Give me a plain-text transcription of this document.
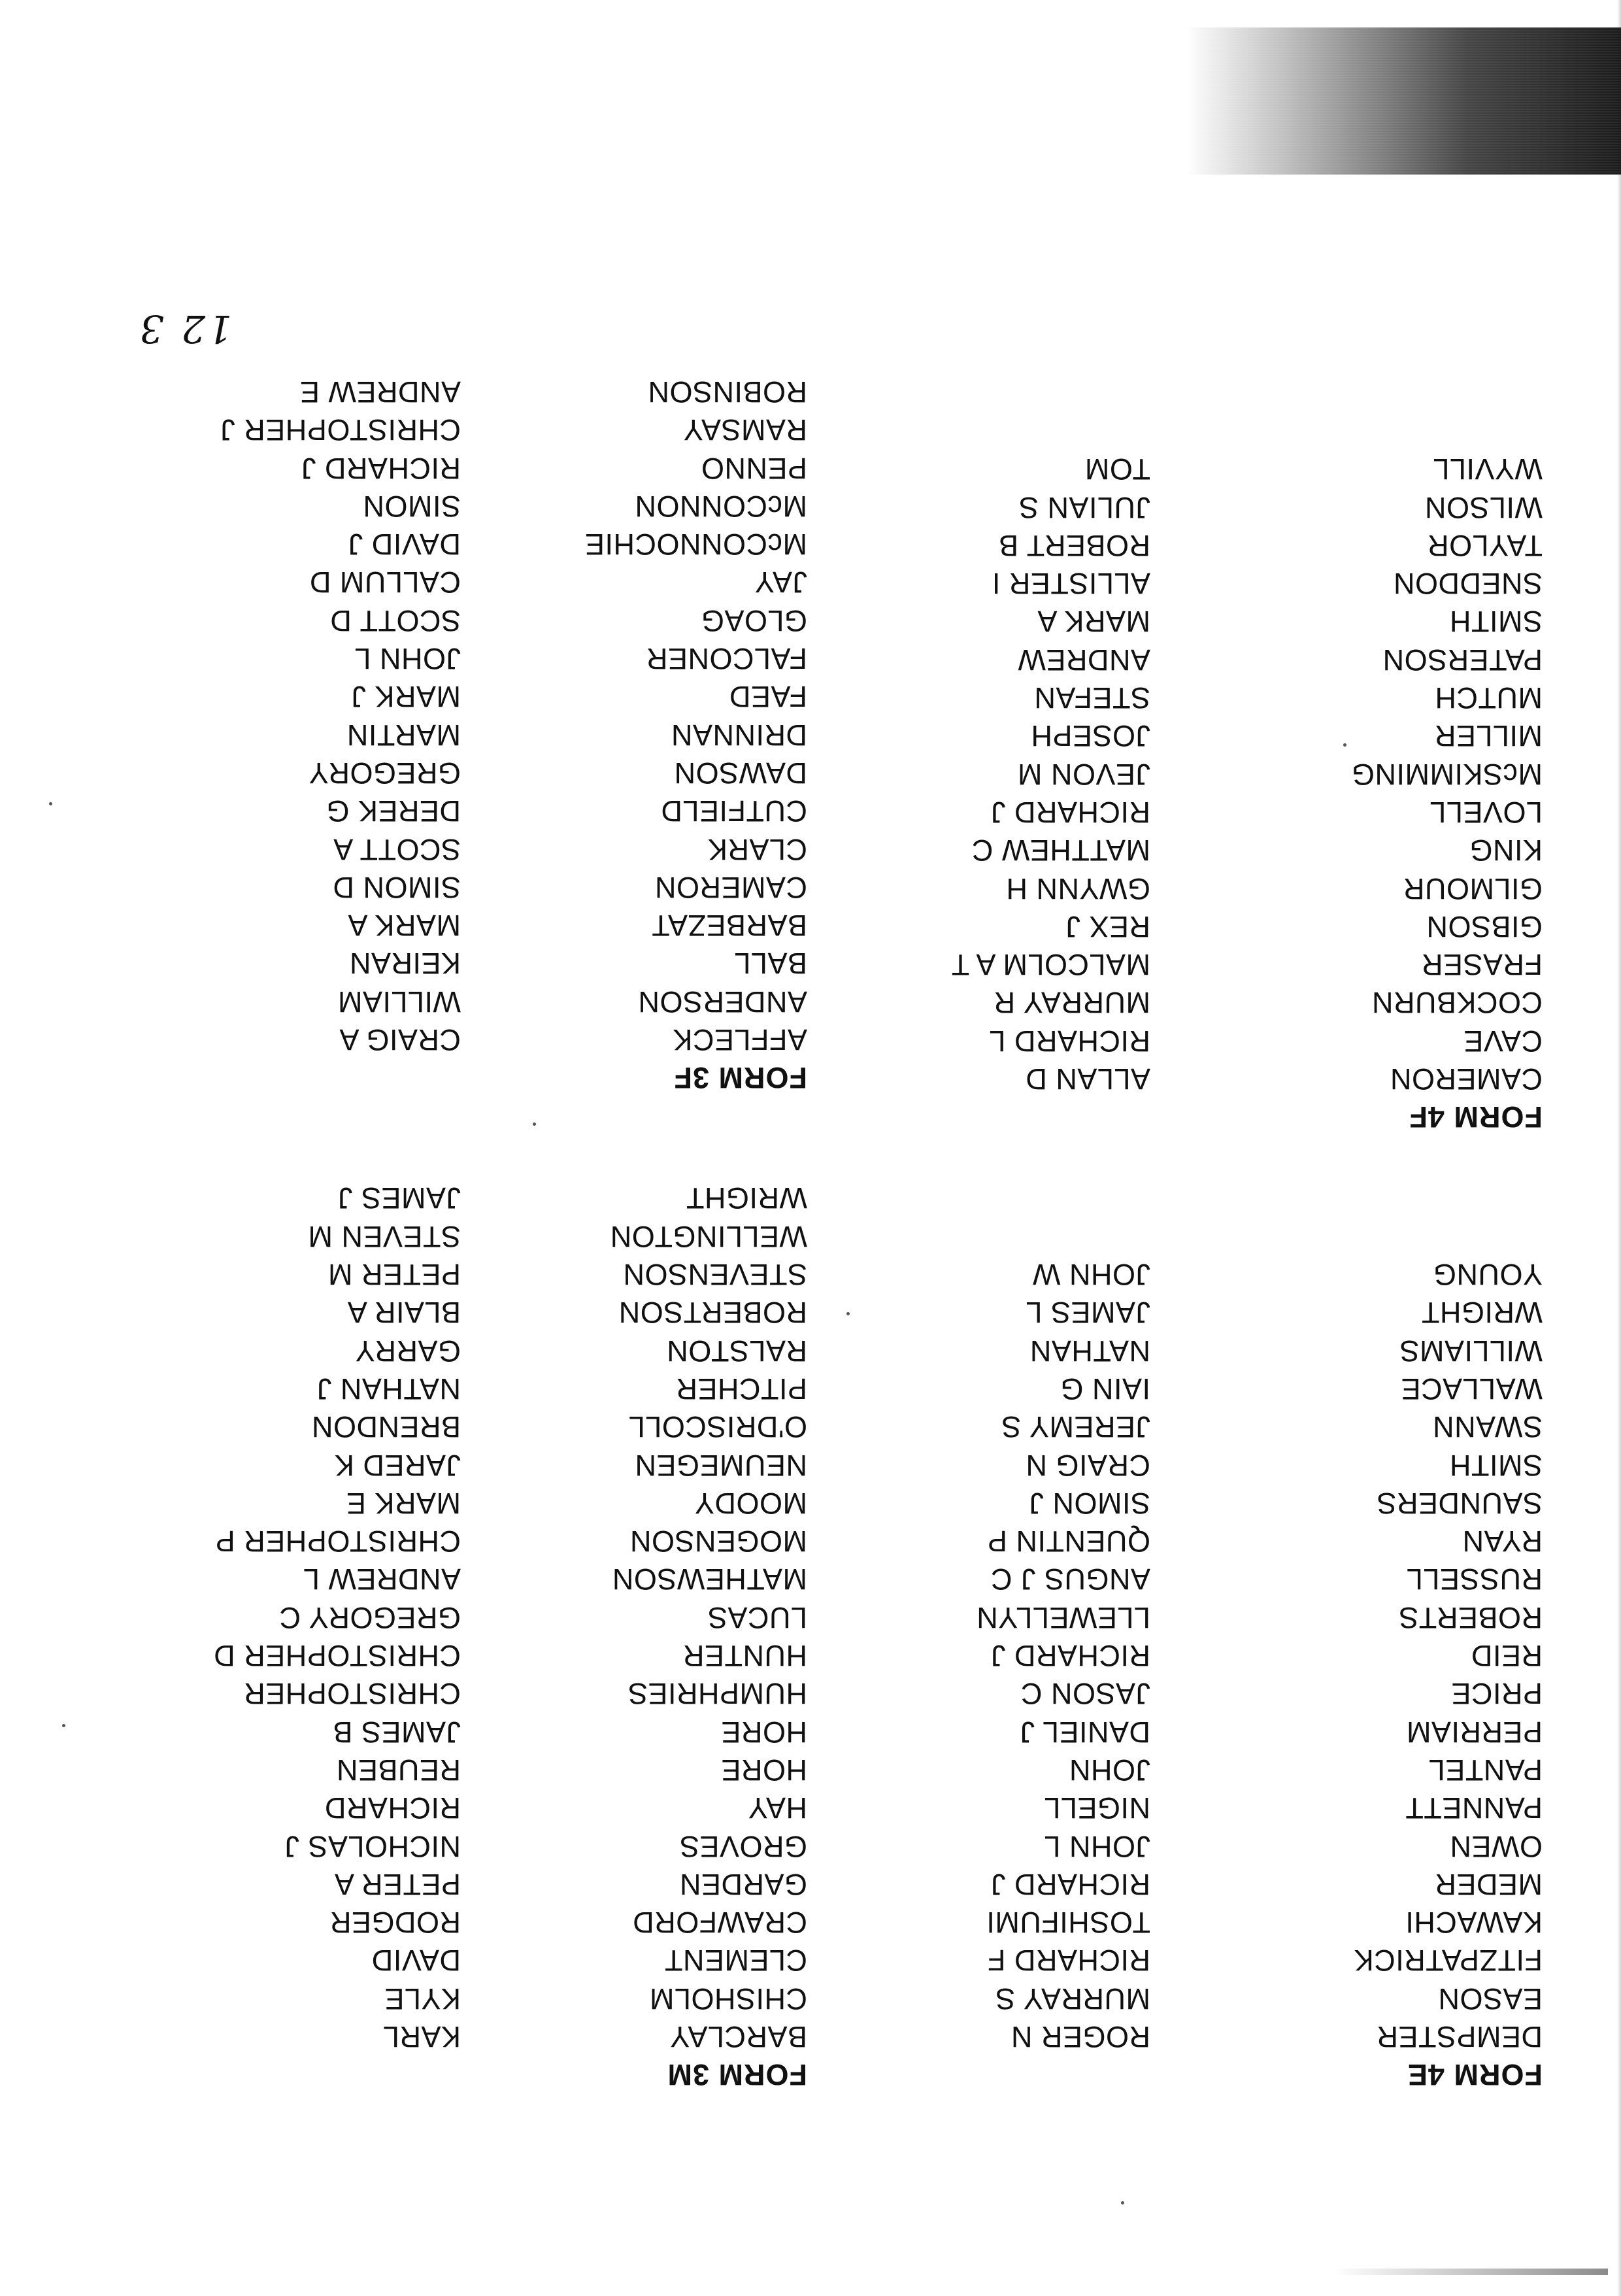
12 3
FORM 4E
DEMPSTER
EASON
FITZPATRICK
KAWACHI
MEDER
OWEN
PANNETT
PANTEL
PERRIAM
PRICE
REID
ROBERTS
RUSSELL
RYAN
SAUNDERS
SMITH
SWANN
WALLACE
WILLIAMS
WRIGHT
YOUNG
ROGER N
MURRAY S
RICHARD F
TOSHIFUMI
RICHARD J
JOHN L
NIGELL
JOHN
DANIEL J
JASON C
RICHARD J
LLEWELLYN
ANGUS J C
QUENTIN P
SIMON J
CRAIG N
JEREMY S
IAIN G
NATHAN
JAMES L
JOHN W
FORM 3M
BARCLAY
CHISHOLM
CLEMENT
CRAWFORD
GARDEN
GROVES
HAY
HORE
HORE
HUMPHRIES
HUNTER
LUCAS
MATHEWSON
MOGENSON
MOODY
NEUMEGEN
O'DRISCOLL
PITCHER
RALSTON
ROBERTSON
STEVENSON
WELLINGTON
WRIGHT
KARL
KYLE
DAVID
RODGER
PETER A
NICHOLAS J
RICHARD
REUBEN
JAMES B
CHRISTOPHER
CHRISTOPHER D
GREGORY C
ANDREW L
CHRISTOPHER P
MARK E
JARED K
BRENDON
NATHAN J
GARRY
BLAIR A
PETER M
STEVEN M
JAMES J
FORM 4F
CAMERON
CAVE
COCKBURN
FRASER
GIBSON
GILMOUR
KING
LOVELL
McSKIMMING
MILLER
MUTCH
PATERSON
SMITH
SNEDDON
TAYLOR
WILSON
WYVILL
ALLAN D
RICHARD L
MURRAY R
MALCOLM A T
REX J
GWYNN H
MATTHEW C
RICHARD J
JEVON M
JOSEPH
STEFAN
ANDREW
MARK A
ALLISTER I
ROBERT B
JULIAN S
TOM
FORM 3F
AFFLECK
ANDERSON
BALL
BARBEZAT
CAMERON
CLARK
CUTFIELD
DAWSON
DRINNAN
FAED
FALCONER
GLOAG
JAY
McCONNOCHIE
McCONNON
PENNO
RAMSAY
ROBINSON
CRAIG A
WILLIAM
KEIRAN
MARK A
SIMON D
SCOTT A
DEREK G
GREGORY
MARTIN
MARK J
JOHN L
SCOTT D
CALLUM D
DAVID J
SIMON
RICHARD J
CHRISTOPHER J
ANDREW E
